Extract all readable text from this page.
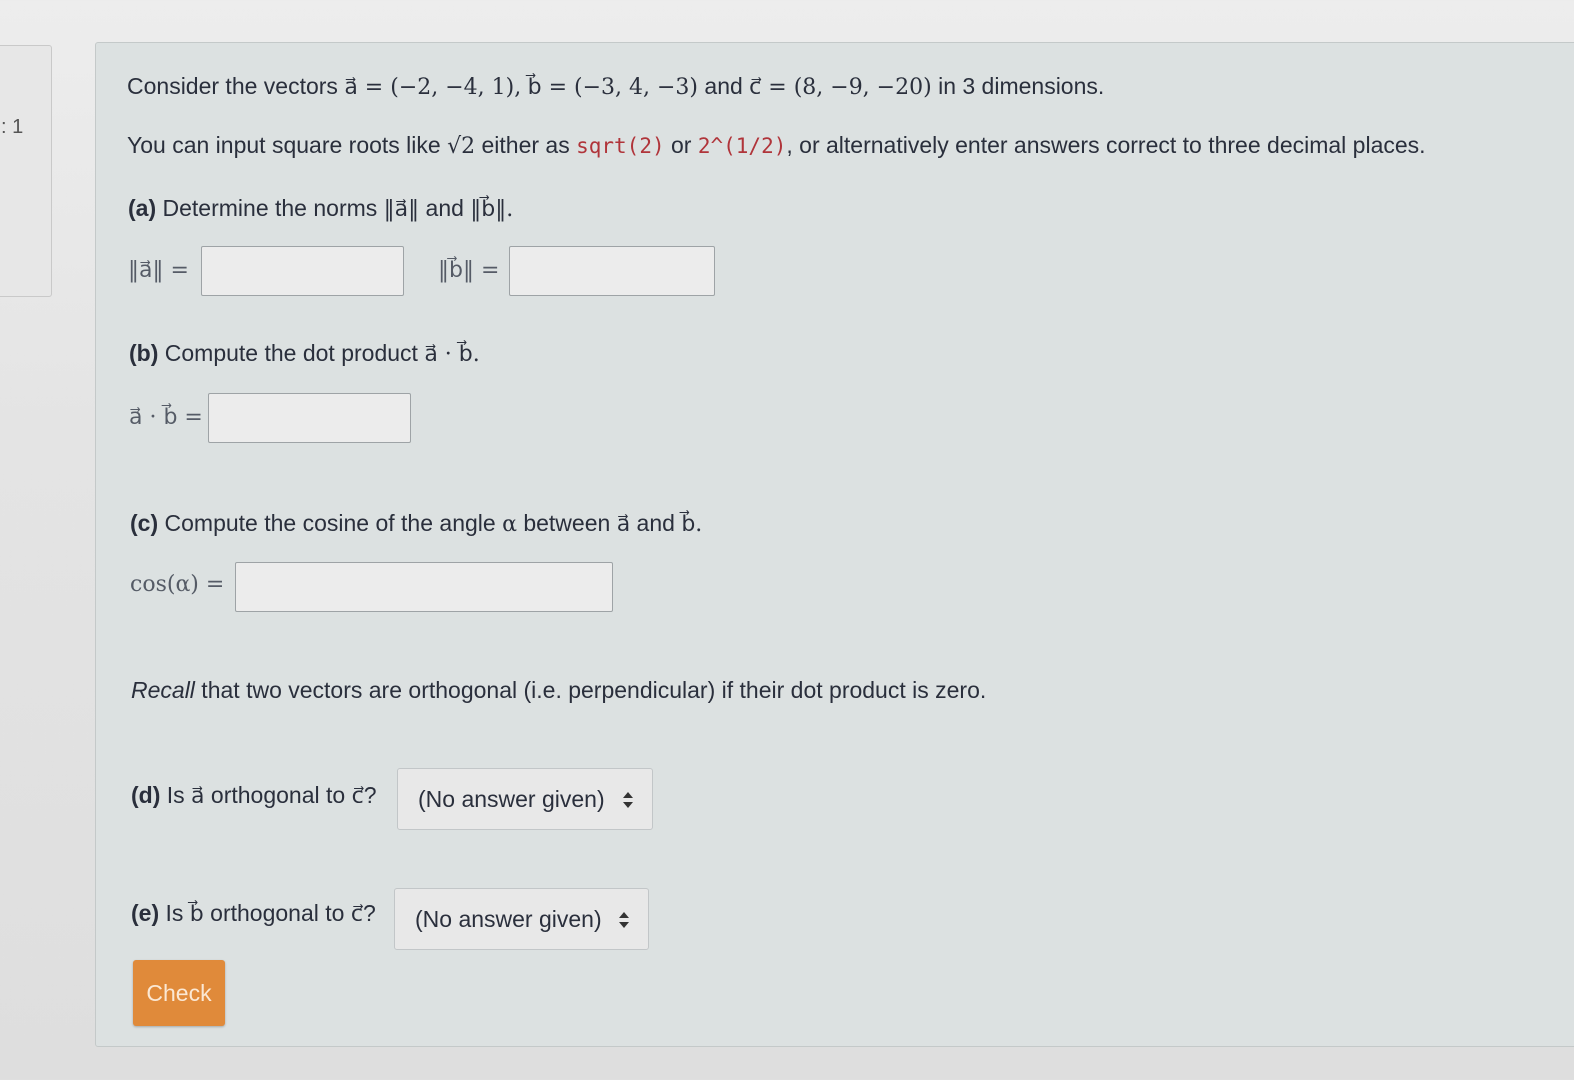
: 1
Consider the vectors a⃗ = (−2, −4, 1), b⃗ = (−3, 4, −3) and c⃗ = (8, −9, −20) in 3 dimensions.
You can input square roots like √2 either as sqrt(2) or 2^(1/2), or alternatively enter answers correct to three decimal places.
(a) Determine the norms ‖a⃗‖ and ‖b⃗‖.
‖a⃗‖ =	‖b⃗‖ =
(b) Compute the dot product a⃗ · b⃗.
a⃗ · b⃗ =
(c) Compute the cosine of the angle α between a⃗ and b⃗.
cos(α) =
Recall that two vectors are orthogonal (i.e. perpendicular) if their dot product is zero.
(d) Is a⃗ orthogonal to c⃗?	(No answer given)
(e) Is b⃗ orthogonal to c⃗?	(No answer given)
Check
